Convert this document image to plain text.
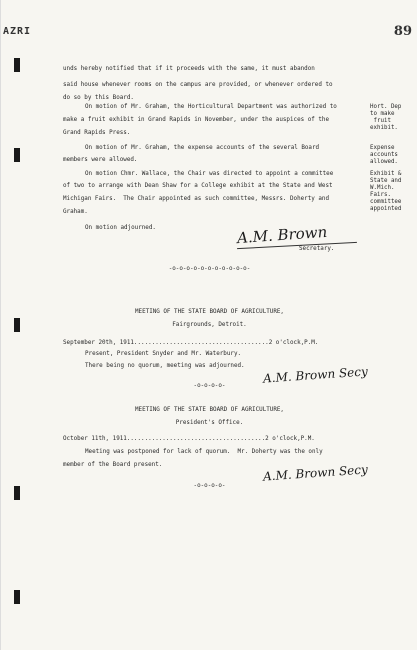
AZRI	89
unds hereby notified that if it proceeds with the same, it must abandon
said house whenever rooms on the campus are provided, or whenever ordered to
do so by this Board.
On motion of Mr. Graham, the Horticultural Department was authorized to
make a fruit exhibit in Grand Rapids in November, under the auspices of the
Grand Rapids Press.
On motion of Mr. Graham, the expense accounts of the several Board
members were allowed.
On motion Chmr. Wallace, the Chair was directed to appoint a committee
of two to arrange with Dean Shaw for a College exhibit at the State and West
Michigan Fairs.  The Chair appointed as such committee, Messrs. Doherty and
Graham.
On motion adjourned.	A.M. Brown
Secretary.
Hort. Dep
to make
fruit
exhibit.
Expense
accounts
allowed.
Exhibit &
State and
W.Mich.
Fairs.
committee
appointed
-o-o-o-o-o-o-o-o-o-o-o-
MEETING OF THE STATE BOARD OF AGRICULTURE,
Fairgrounds, Detroit.
September 20th, 1911......................................2 o'clock,P.M.
Present, President Snyder and Mr. Waterbury.
There being no quorum, meeting was adjourned. A.M. Brown Secy
-o-o-o-o-
MEETING OF THE STATE BOARD OF AGRICULTURE,
President's Office.
October 11th, 1911.......................................2 o'clock,P.M.
Meeting was postponed for lack of quorum.  Mr. Doherty was the only
member of the Board present.	A.M. Brown Secy
-o-o-o-o-
